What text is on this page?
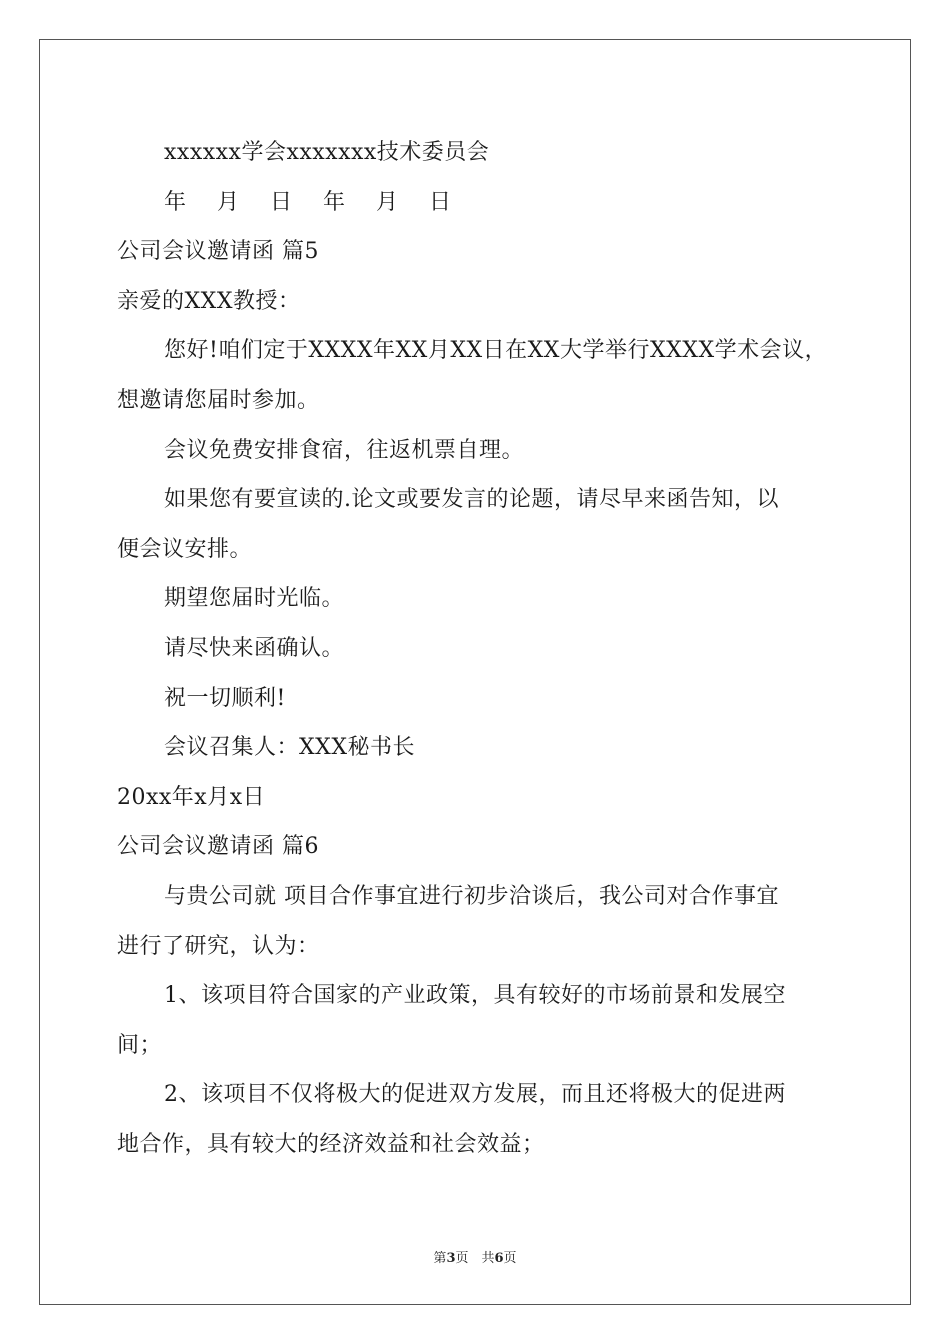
xxxxxx学会xxxxxxx技术委员会
年 月 日 年 月 日
公司会议邀请函 篇5
亲爱的XXX教授：
您好!咱们定于XXXX年XX月XX日在XX大学举行XXXX学术会议，
想邀请您届时参加。
会议免费安排食宿，往返机票自理。
如果您有要宣读的.论文或要发言的论题，请尽早来函告知，以
便会议安排。
期望您届时光临。
请尽快来函确认。
祝一切顺利!
会议召集人：XXX秘书长
20xx年x月x日
公司会议邀请函 篇6
与贵公司就 项目合作事宜进行初步洽谈后，我公司对合作事宜
进行了研究，认为：
1、该项目符合国家的产业政策，具有较好的市场前景和发展空
间；
2、该项目不仅将极大的促进双方发展，而且还将极大的促进两
地合作，具有较大的经济效益和社会效益；
第3页　共6页
